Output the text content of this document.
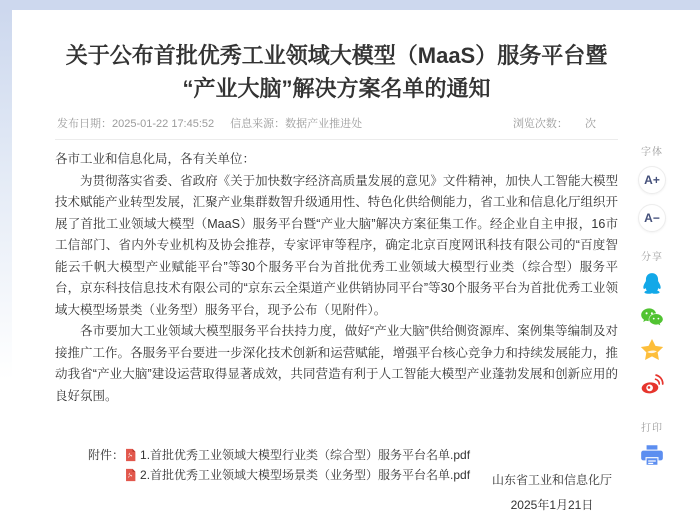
关于公布首批优秀工业领域大模型（MaaS）服务平台暨
“产业大脑”解决方案名单的通知
发布日期： 2025-01-22 17:45:52 信息来源： 数据产业推进处	浏览次数： 次

各市工业和信息化局，各有关单位：

为贯彻落实省委、省政府《关于加快数字经济高质量发展的意见》文件精神，加快人工智能大模型技术赋能产业转型发展，汇聚产业集群数智升级通用性、特色化供给侧能力，省工业和信息化厅组织开展了首批工业领域大模型（MaaS）服务平台暨“产业大脑”解决方案征集工作。经企业自主申报，16市工信部门、省内外专业机构及协会推荐，专家评审等程序，确定北京百度网讯科技有限公司的“百度智能云千帆大模型产业赋能平台”等30个服务平台为首批优秀工业领域大模型行业类（综合型）服务平台，京东科技信息技术有限公司的“京东云全渠道产业供销协同平台”等30个服务平台为首批优秀工业领域大模型场景类（业务型）服务平台，现予公布（见附件）。

各市要加大工业领域大模型服务平台扶持力度，做好“产业大脑”供给侧资源库、案例集等编制及对接推广工作。各服务平台要进一步深化技术创新和运营赋能，增强平台核心竞争力和持续发展能力，推动我省“产业大脑”建设运营取得显著成效，共同营造有利于人工智能大模型产业蓬勃发展和创新应用的良好氛围。

附件： 1.首批优秀工业领域大模型行业类（综合型）服务平台名单.pdf
2.首批优秀工业领域大模型场景类（业务型）服务平台名单.pdf 山东省工业和信息化厅
2025年1月21日
字体
A+
A−
分享
打印
